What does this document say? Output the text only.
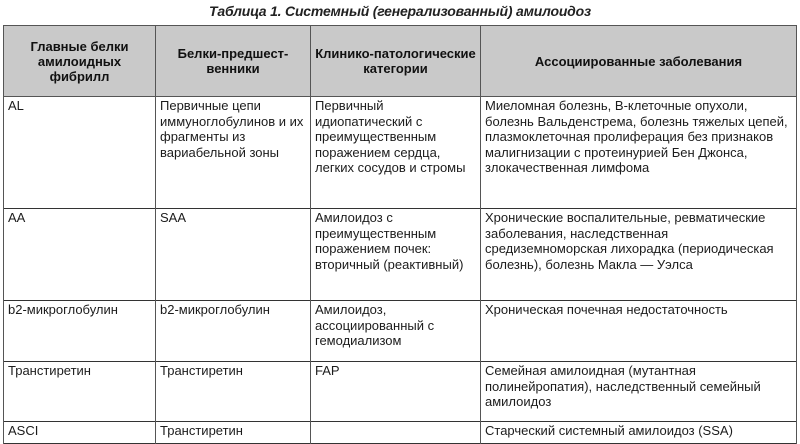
Таблица 1. Системный (генерализованный) амилоидоз
Главные белки амилоидных фибрилл	Белки-предшест-венники	Клинико-патологические категории	Ассоциированные заболевания
AL	Первичные цепи иммуноглобулинов и их фрагменты из вариабельной зоны	Первичный идиопатический с преимущественным поражением сердца, легких сосудов и стромы	Миеломная болезнь, B-клеточные опухоли, болезнь Вальденстрема, болезнь тяжелых цепей, плазмоклеточная пролиферация без признаков малигнизации с протеинурией Бен Джонса, злокачественная лимфома
AA	SAA	Амилоидоз с преимущественным поражением почек: вторичный (реактивный)	Хронические воспалительные, ревматические заболевания, наследственная средиземноморская лихорадка (периодическая болезнь), болезнь Макла — Уэлса
b2-микроглобулин	b2-микроглобулин	Амилоидоз, ассоциированный с гемодиализом	Хроническая почечная недостаточность
Транстиретин	Транстиретин	FAP	Семейная амилоидная (мутантная полинейропатия), наследственный семейный амилоидоз
ASCI	Транстиретин		Старческий системный амилоидоз (SSA)
